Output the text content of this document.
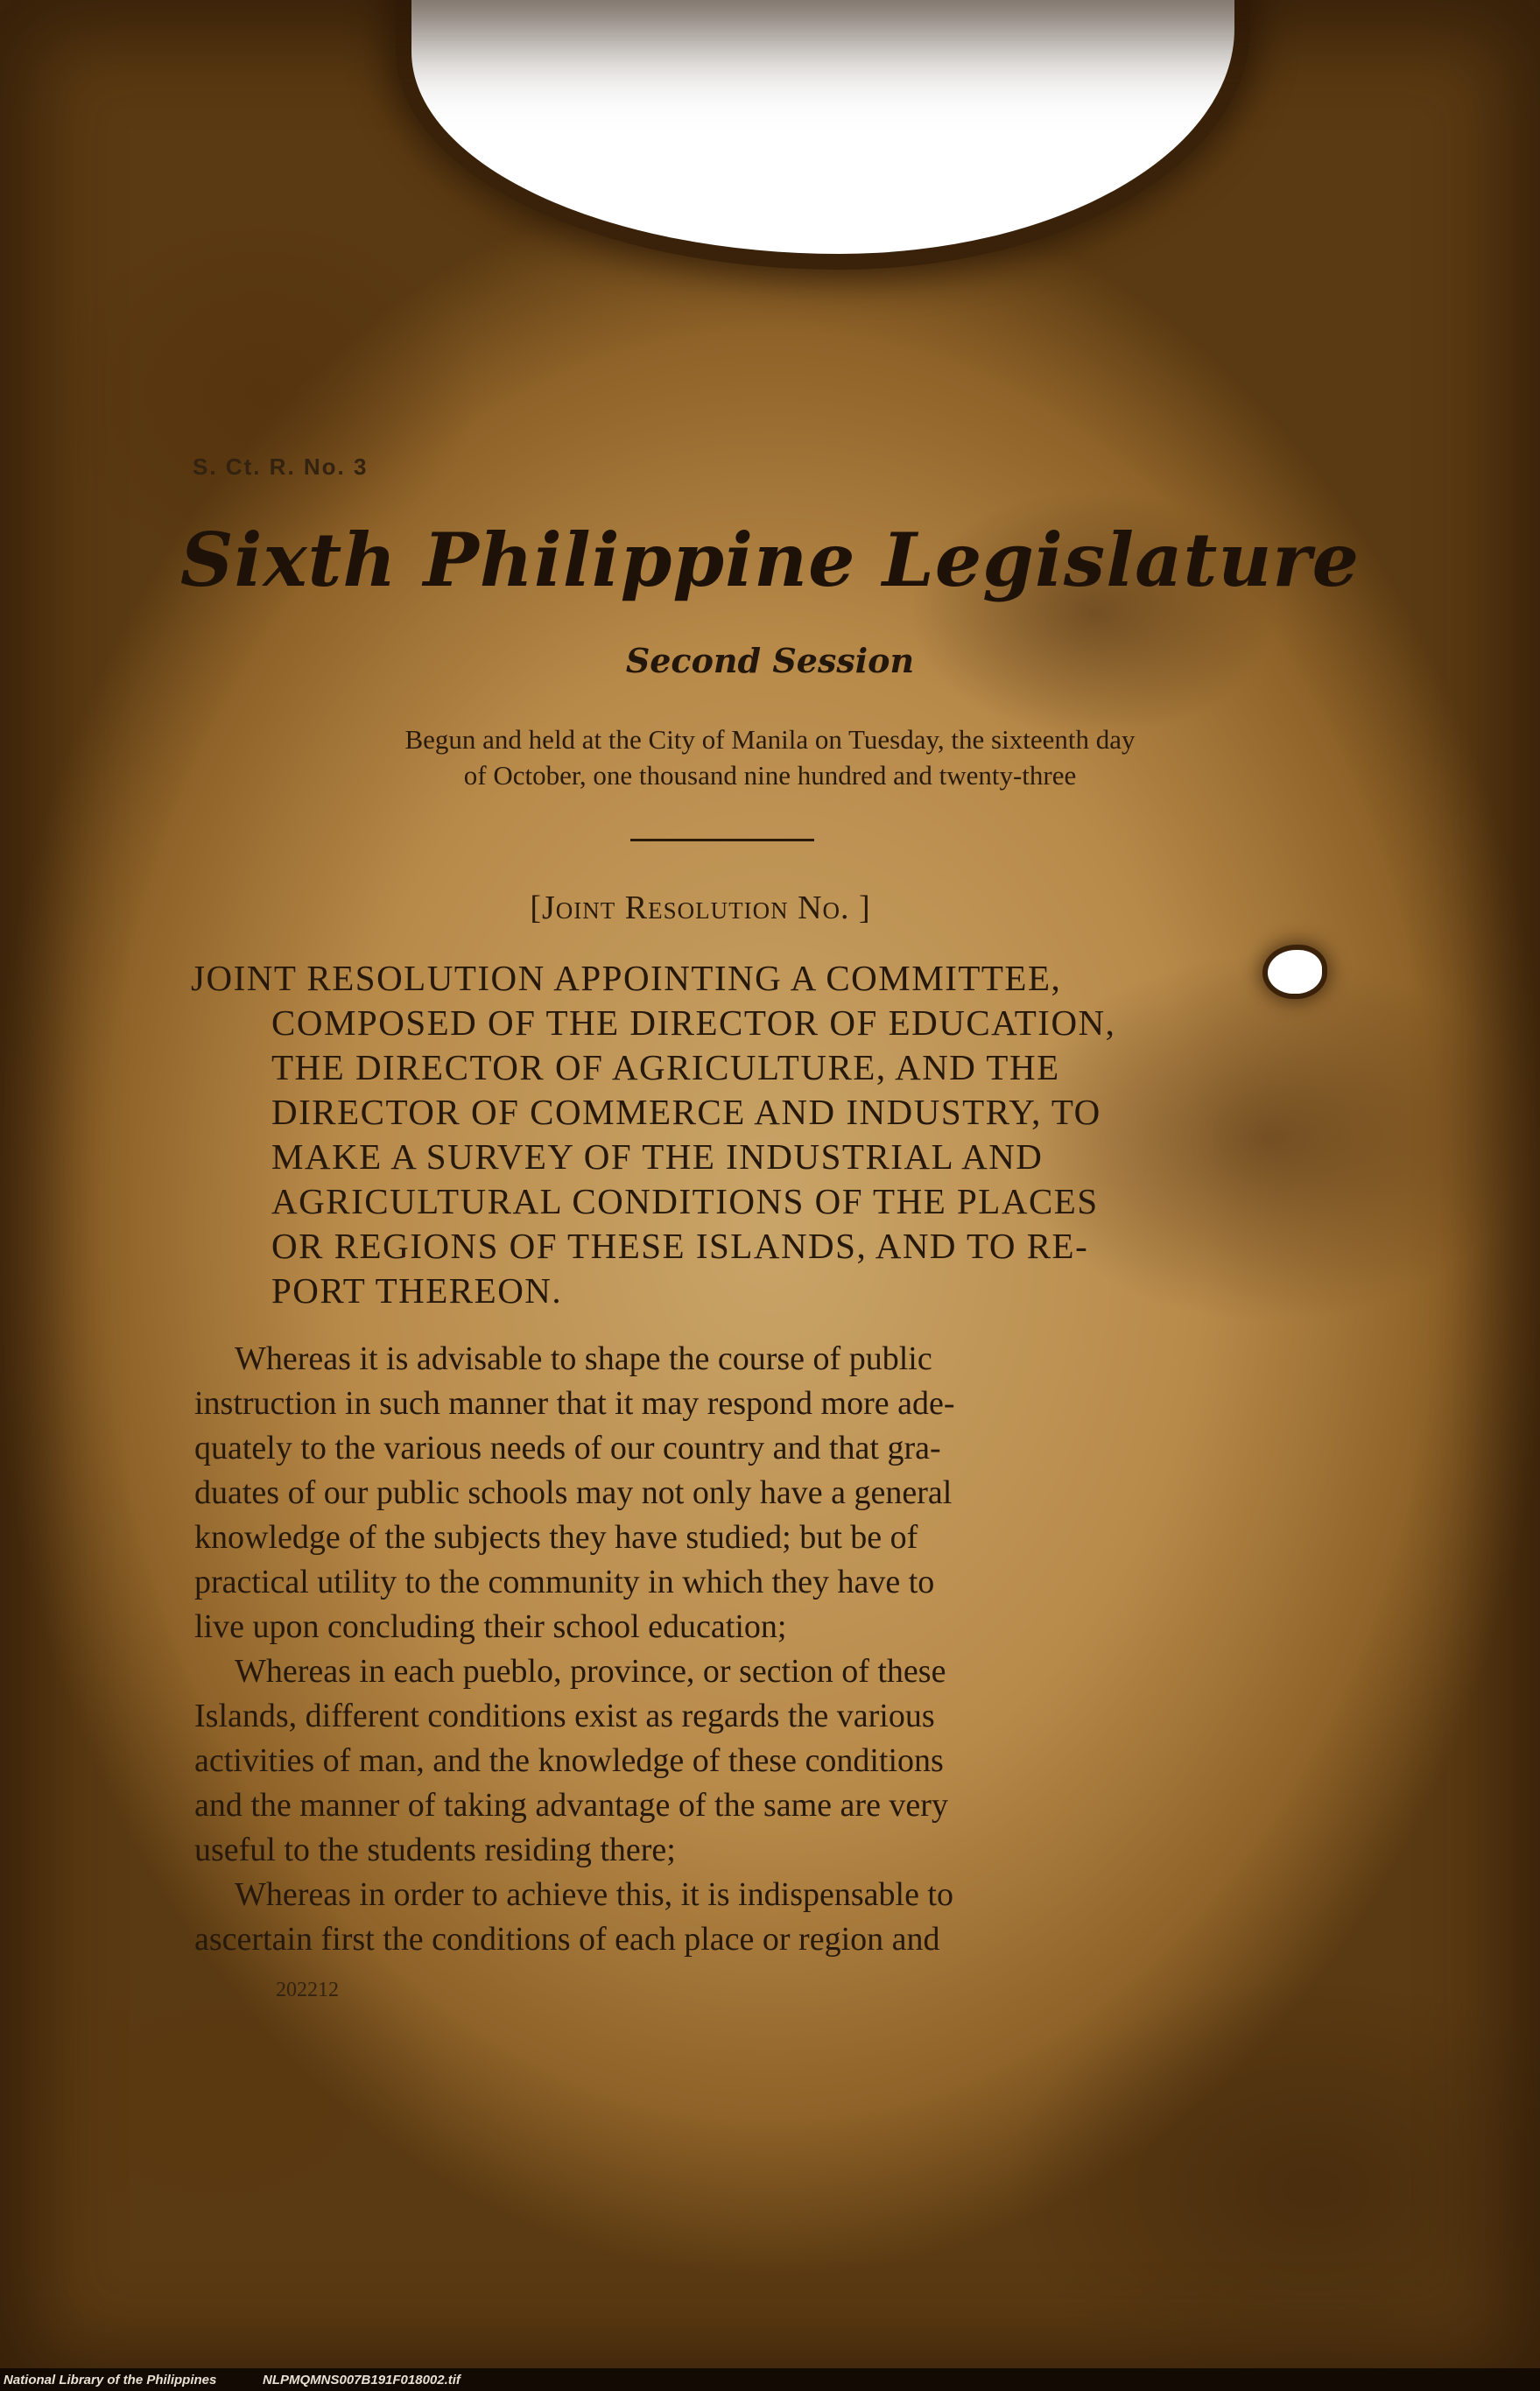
S. Ct. R. No. 3
Sixth Philippine Legislature
Second Session
Begun and held at the City of Manila on Tuesday, the sixteenth day
of October, one thousand nine hundred and twenty-three
[Joint Resolution No. ]
JOINT RESOLUTION APPOINTING A COMMITTEE,
COMPOSED OF THE DIRECTOR OF EDUCATION,
THE DIRECTOR OF AGRICULTURE, AND THE
DIRECTOR OF COMMERCE AND INDUSTRY, TO
MAKE A SURVEY OF THE INDUSTRIAL AND
AGRICULTURAL CONDITIONS OF THE PLACES
OR REGIONS OF THESE ISLANDS, AND TO RE-
PORT THEREON.
Whereas it is advisable to shape the course of public
instruction in such manner that it may respond more ade-
quately to the various needs of our country and that gra-
duates of our public schools may not only have a general
knowledge of the subjects they have studied; but be of
practical utility to the community in which they have to
live upon concluding their school education;
Whereas in each pueblo, province, or section of these
Islands, different conditions exist as regards the various
activities of man, and the knowledge of these conditions
and the manner of taking advantage of the same are very
useful to the students residing there;
Whereas in order to achieve this, it is indispensable to
ascertain first the conditions of each place or region and
202212
National Library of the Philippines	NLPMQMNS007B191F018002.tif
